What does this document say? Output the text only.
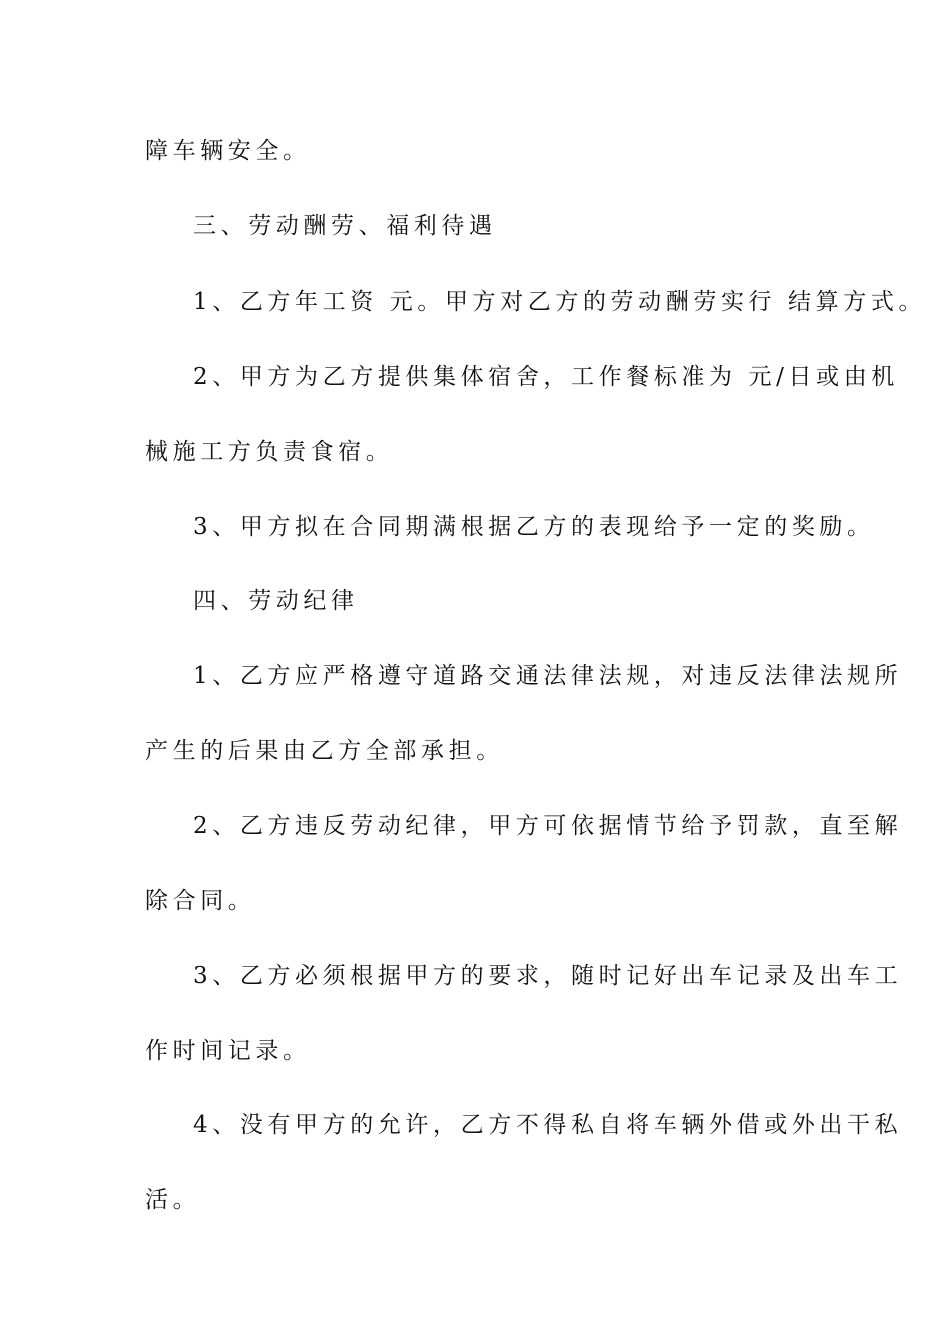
障车辆安全。
三、劳动酬劳、福利待遇
1、乙方年工资 元。甲方对乙方的劳动酬劳实行 结算方式。
2、甲方为乙方提供集体宿舍，工作餐标准为 元/日或由机
械施工方负责食宿。
3、甲方拟在合同期满根据乙方的表现给予一定的奖励。
四、劳动纪律
1、乙方应严格遵守道路交通法律法规，对违反法律法规所
产生的后果由乙方全部承担。
2、乙方违反劳动纪律，甲方可依据情节给予罚款，直至解
除合同。
3、乙方必须根据甲方的要求，随时记好出车记录及出车工
作时间记录。
4、没有甲方的允许，乙方不得私自将车辆外借或外出干私
活。
